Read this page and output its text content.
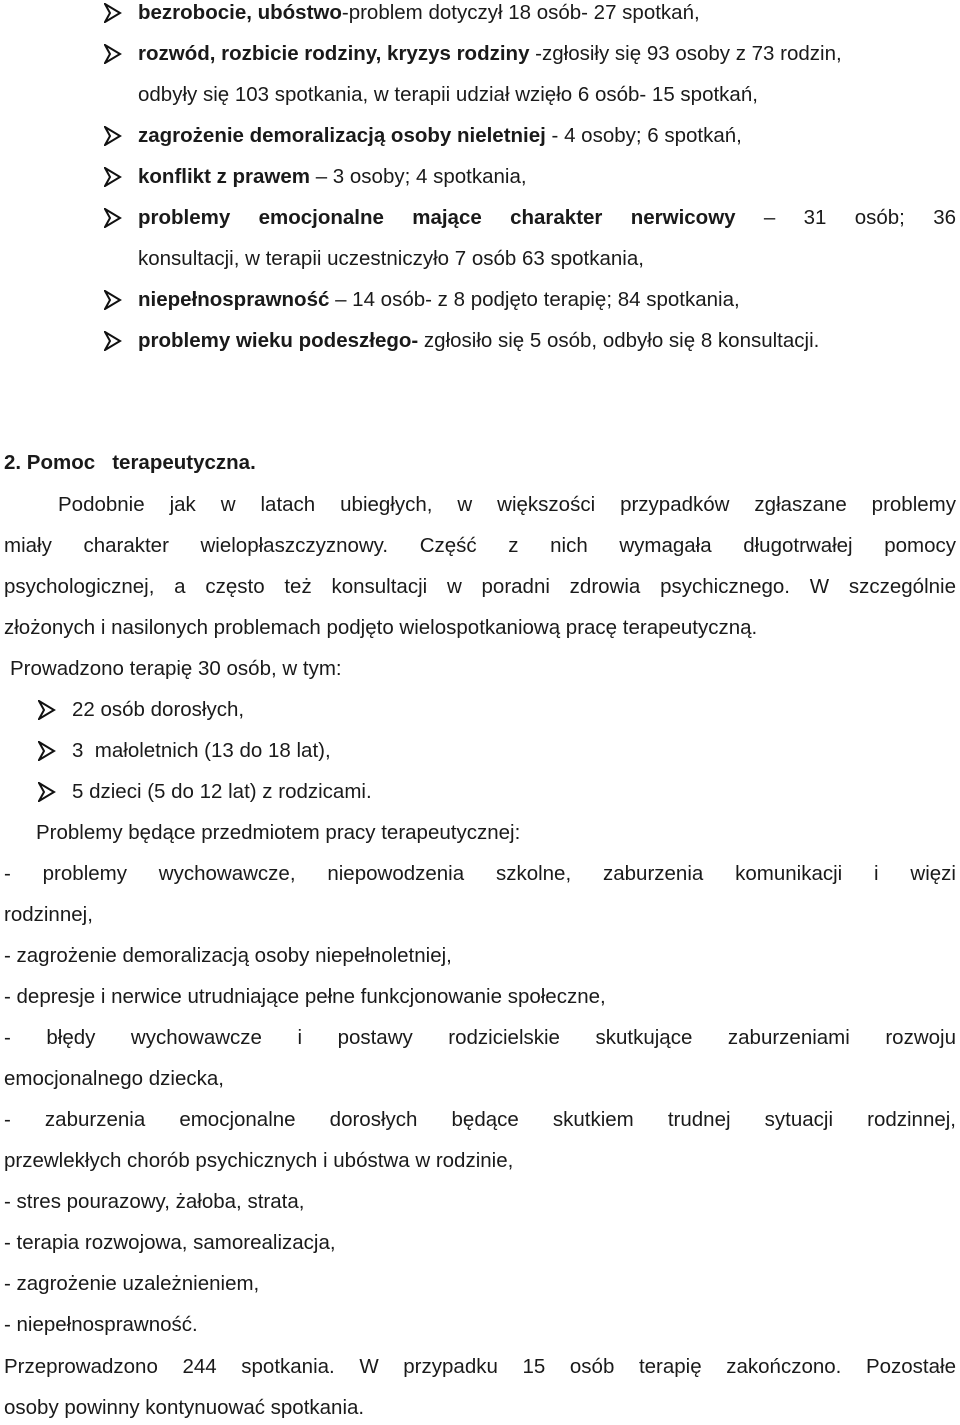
bezrobocie, ubóstwo-problem dotyczył 18 osób- 27 spotkań,
rozwód, rozbicie rodziny, kryzys rodziny -zgłosiły się 93 osoby z 73 rodzin,
odbyły się 103 spotkania, w terapii udział wzięło 6 osób- 15 spotkań,
zagrożenie demoralizacją osoby nieletniej - 4 osoby; 6 spotkań,
konflikt z prawem – 3 osoby; 4 spotkania,
problemy emocjonalne mające charakter nerwicowy – 31 osób; 36
konsultacji, w terapii uczestniczyło 7 osób 63 spotkania,
niepełnosprawność – 14 osób- z 8 podjęto terapię; 84 spotkania,
problemy wieku podeszłego- zgłosiło się 5 osób, odbyło się 8 konsultacji.
2. Pomoc   terapeutyczna.
Podobnie jak w latach ubiegłych, w większości przypadków zgłaszane problemy
miały charakter wielopłaszczyznowy. Część z nich wymagała długotrwałej pomocy
psychologicznej, a często też konsultacji w poradni zdrowia psychicznego. W szczególnie
złożonych i nasilonych problemach podjęto wielospotkaniową pracę terapeutyczną.
Prowadzono terapię 30 osób, w tym:
22 osób dorosłych,
3  małoletnich (13 do 18 lat),
5 dzieci (5 do 12 lat) z rodzicami.
Problemy będące przedmiotem pracy terapeutycznej:
- problemy wychowawcze, niepowodzenia szkolne, zaburzenia komunikacji i więzi
rodzinnej,
- zagrożenie demoralizacją osoby niepełnoletniej,
- depresje i nerwice utrudniające pełne funkcjonowanie społeczne,
- błędy wychowawcze i postawy rodzicielskie skutkujące zaburzeniami rozwoju
emocjonalnego dziecka,
- zaburzenia emocjonalne dorosłych będące skutkiem trudnej sytuacji rodzinnej,
przewlekłych chorób psychicznych i ubóstwa w rodzinie,
- stres pourazowy, żałoba, strata,
- terapia rozwojowa, samorealizacja,
- zagrożenie uzależnieniem,
- niepełnosprawność.
Przeprowadzono 244 spotkania. W przypadku 15 osób terapię zakończono. Pozostałe
osoby powinny kontynuować spotkania.
